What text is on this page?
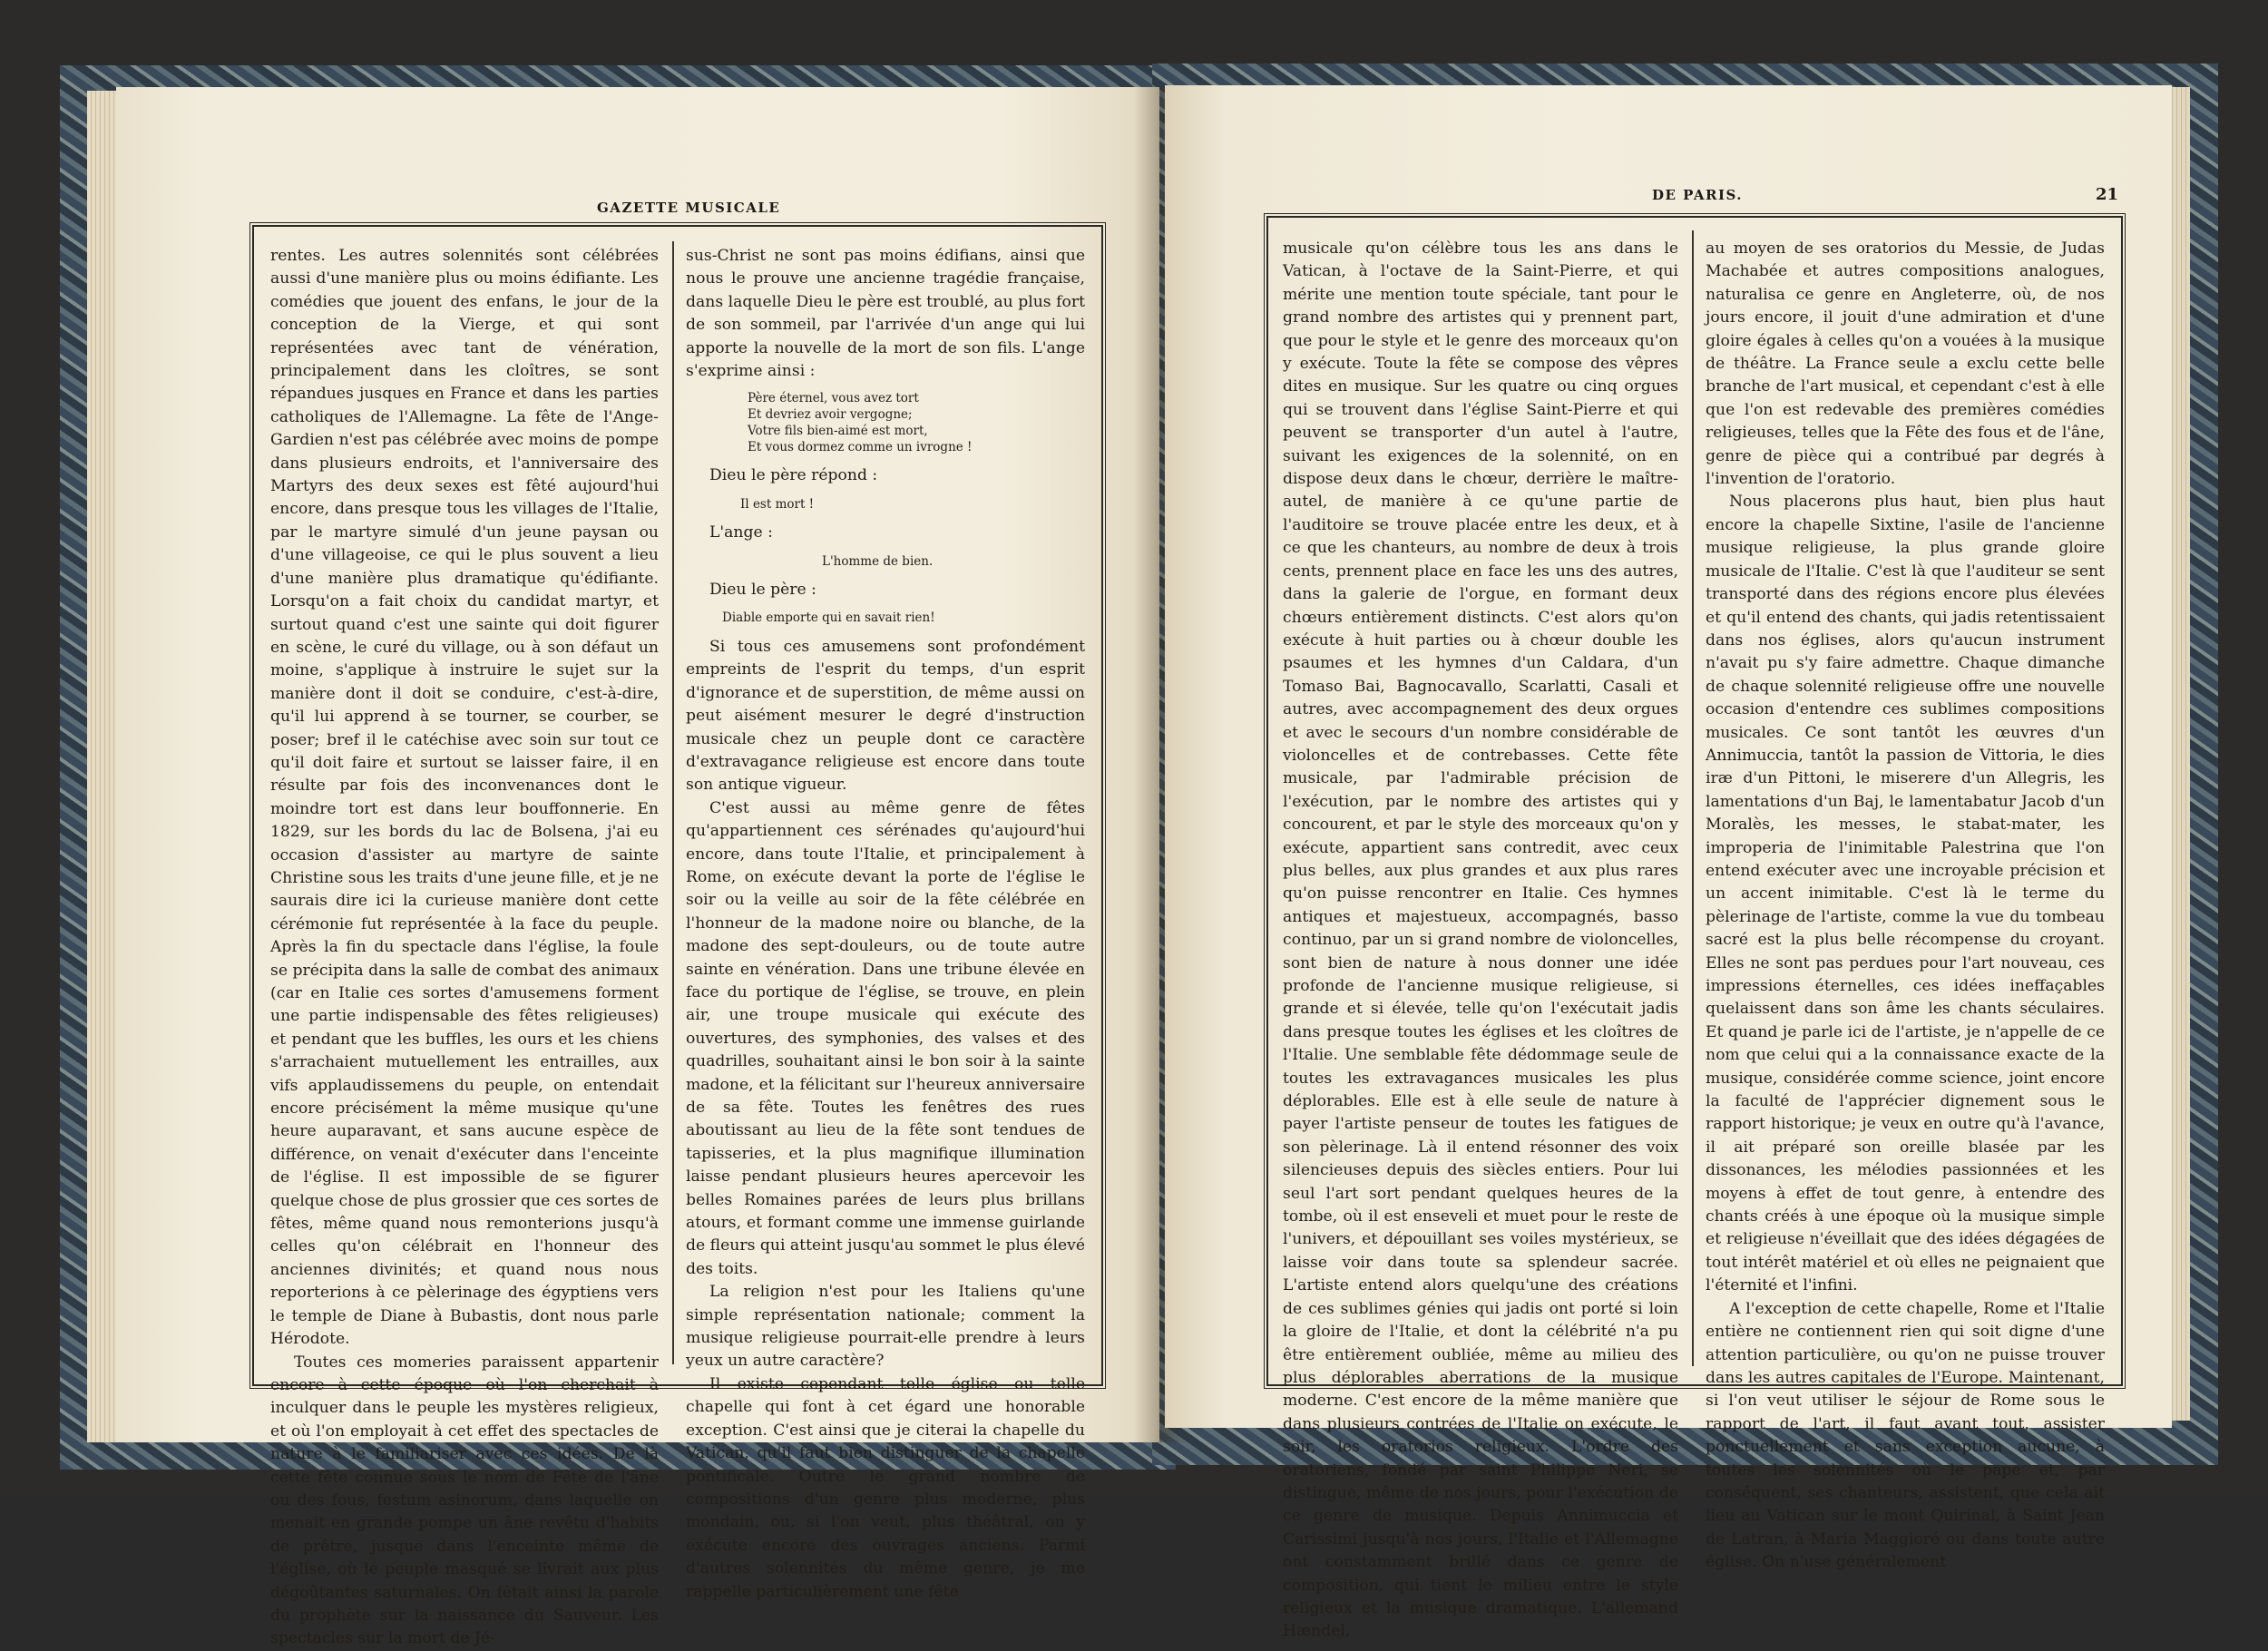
GAZETTE MUSICALE

rentes. Les autres solennités sont célébrées aussi d'une manière plus ou moins édifiante. Les comédies que jouent des enfans, le jour de la conception de la Vierge, et qui sont représentées avec tant de vénération, principalement dans les cloîtres, se sont répandues jusques en France et dans les parties catholiques de l'Allemagne. La fête de l'Ange-Gardien n'est pas célébrée avec moins de pompe dans plusieurs endroits, et l'anniversaire des Martyrs des deux sexes est fêté aujourd'hui encore, dans presque tous les villages de l'Italie, par le martyre simulé d'un jeune paysan ou d'une villageoise, ce qui le plus souvent a lieu d'une manière plus dramatique qu'édifiante. Lorsqu'on a fait choix du candidat martyr, et surtout quand c'est une sainte qui doit figurer en scène, le curé du village, ou à son défaut un moine, s'applique à instruire le sujet sur la manière dont il doit se conduire, c'est-à-dire, qu'il lui apprend à se tourner, se courber, se poser; bref il le catéchise avec soin sur tout ce qu'il doit faire et surtout se laisser faire, il en résulte par fois des inconvenances dont le moindre tort est dans leur bouffonnerie. En 1829, sur les bords du lac de Bolsena, j'ai eu occasion d'assister au martyre de sainte Christine sous les traits d'une jeune fille, et je ne saurais dire ici la curieuse manière dont cette cérémonie fut représentée à la face du peuple. Après la fin du spectacle dans l'église, la foule se précipita dans la salle de combat des animaux (car en Italie ces sortes d'amusemens forment une partie indispensable des fêtes religieuses) et pendant que les buffles, les ours et les chiens s'arrachaient mutuellement les entrailles, aux vifs applaudissemens du peuple, on entendait encore précisément la même musique qu'une heure auparavant, et sans aucune espèce de différence, on venait d'exécuter dans l'enceinte de l'église. Il est impossible de se figurer quelque chose de plus grossier que ces sortes de fêtes, même quand nous remonterions jusqu'à celles qu'on célébrait en l'honneur des anciennes divinités; et quand nous nous reporterions à ce pèlerinage des égyptiens vers le temple de Diane à Bubastis, dont nous parle Hérodote.

Toutes ces momeries paraissent appartenir encore à cette époque où l'on cherchait à inculquer dans le peuple les mystères religieux, et où l'on employait à cet effet des spectacles de nature à le familiariser avec ces idées. De là cette fête connue sous le nom de Fête de l'âne ou des fous, festum asinorum, dans laquelle on menait en grande pompe un âne revêtu d'habits de prêtre, jusque dans l'enceinte même de l'église, où le peuple masqué se livrait aux plus dégoûtantes saturnales. On fêtait ainsi la parole du prophète sur la naissance du Sauveur. Les spectacles sur la mort de Jé-

sus-Christ ne sont pas moins édifians, ainsi que nous le prouve une ancienne tragédie française, dans laquelle Dieu le père est troublé, au plus fort de son sommeil, par l'arrivée d'un ange qui lui apporte la nouvelle de la mort de son fils. L'ange s'exprime ainsi :

Père éternel, vous avez tort
Et devriez avoir vergogne;
Votre fils bien-aimé est mort,
Et vous dormez comme un ivrogne !
Dieu le père répond :
Il est mort !
L'ange :
L'homme de bien.
Dieu le père :
Diable emporte qui en savait rien!

Si tous ces amusemens sont profondément empreints de l'esprit du temps, d'un esprit d'ignorance et de superstition, de même aussi on peut aisément mesurer le degré d'instruction musicale chez un peuple dont ce caractère d'extravagance religieuse est encore dans toute son antique vigueur.

C'est aussi au même genre de fêtes qu'appartiennent ces sérénades qu'aujourd'hui encore, dans toute l'Italie, et principalement à Rome, on exécute devant la porte de l'église le soir ou la veille au soir de la fête célébrée en l'honneur de la madone noire ou blanche, de la madone des sept-douleurs, ou de toute autre sainte en vénération. Dans une tribune élevée en face du portique de l'église, se trouve, en plein air, une troupe musicale qui exécute des ouvertures, des symphonies, des valses et des quadrilles, souhaitant ainsi le bon soir à la sainte madone, et la félicitant sur l'heureux anniversaire de sa fête. Toutes les fenêtres des rues aboutissant au lieu de la fête sont tendues de tapisseries, et la plus magnifique illumination laisse pendant plusieurs heures apercevoir les belles Romaines parées de leurs plus brillans atours, et formant comme une immense guirlande de fleurs qui atteint jusqu'au sommet le plus élevé des toits.

La religion n'est pour les Italiens qu'une simple représentation nationale; comment la musique religieuse pourrait-elle prendre à leurs yeux un autre caractère?

Il existe cependant telle église ou telle chapelle qui font à cet égard une honorable exception. C'est ainsi que je citerai la chapelle du Vatican, qu'il faut bien distinguer de la chapelle pontificale. Outre le grand nombre de compositions d'un genre plus moderne, plus mondain, ou, si l'on veut, plus théâtral, on y exécute encore des ouvrages anciens. Parmi d'autres solennités du même genre, je me rappelle particulièrement une fête

DE PARIS.	21

musicale qu'on célèbre tous les ans dans le Vatican, à l'octave de la Saint-Pierre, et qui mérite une mention toute spéciale, tant pour le grand nombre des artistes qui y prennent part, que pour le style et le genre des morceaux qu'on y exécute. Toute la fête se compose des vêpres dites en musique. Sur les quatre ou cinq orgues qui se trouvent dans l'église Saint-Pierre et qui peuvent se transporter d'un autel à l'autre, suivant les exigences de la solennité, on en dispose deux dans le chœur, derrière le maître-autel, de manière à ce qu'une partie de l'auditoire se trouve placée entre les deux, et à ce que les chanteurs, au nombre de deux à trois cents, prennent place en face les uns des autres, dans la galerie de l'orgue, en formant deux chœurs entièrement distincts. C'est alors qu'on exécute à huit parties ou à chœur double les psaumes et les hymnes d'un Caldara, d'un Tomaso Bai, Bagnocavallo, Scarlatti, Casali et autres, avec accompagnement des deux orgues et avec le secours d'un nombre considérable de violoncelles et de contrebasses. Cette fête musicale, par l'admirable précision de l'exécution, par le nombre des artistes qui y concourent, et par le style des morceaux qu'on y exécute, appartient sans contredit, avec ceux plus belles, aux plus grandes et aux plus rares qu'on puisse rencontrer en Italie. Ces hymnes antiques et majestueux, accompagnés, basso continuo, par un si grand nombre de violoncelles, sont bien de nature à nous donner une idée profonde de l'ancienne musique religieuse, si grande et si élevée, telle qu'on l'exécutait jadis dans presque toutes les églises et les cloîtres de l'Italie. Une semblable fête dédommage seule de toutes les extravagances musicales les plus déplorables. Elle est à elle seule de nature à payer l'artiste penseur de toutes les fatigues de son pèlerinage. Là il entend résonner des voix silencieuses depuis des siècles entiers. Pour lui seul l'art sort pendant quelques heures de la tombe, où il est enseveli et muet pour le reste de l'univers, et dépouillant ses voiles mystérieux, se laisse voir dans toute sa splendeur sacrée. L'artiste entend alors quelqu'une des créations de ces sublimes génies qui jadis ont porté si loin la gloire de l'Italie, et dont la célébrité n'a pu être entièrement oubliée, même au milieu des plus déplorables aberrations de la musique moderne. C'est encore de la même manière que dans plusieurs contrées de l'Italie on exécute, le soir, les oratorios religieux. L'ordre des oratoriens, fondé par saint Philippe Neri, se distingue, même de nos jours, pour l'exécution de ce genre de musique. Depuis Annimuccia et Carissimi jusqu'à nos jours, l'Italie et l'Allemagne ont constamment brillé dans ce genre de composition, qui tient le milieu entre le style religieux et la musique dramatique. L'allemand Hændel,

au moyen de ses oratorios du Messie, de Judas Machabée et autres compositions analogues, naturalisa ce genre en Angleterre, où, de nos jours encore, il jouit d'une admiration et d'une gloire égales à celles qu'on a vouées à la musique de théâtre. La France seule a exclu cette belle branche de l'art musical, et cependant c'est à elle que l'on est redevable des premières comédies religieuses, telles que la Fête des fous et de l'âne, genre de pièce qui a contribué par degrés à l'invention de l'oratorio.

Nous placerons plus haut, bien plus haut encore la chapelle Sixtine, l'asile de l'ancienne musique religieuse, la plus grande gloire musicale de l'Italie. C'est là que l'auditeur se sent transporté dans des régions encore plus élevées et qu'il entend des chants, qui jadis retentissaient dans nos églises, alors qu'aucun instrument n'avait pu s'y faire admettre. Chaque dimanche de chaque solennité religieuse offre une nouvelle occasion d'entendre ces sublimes compositions musicales. Ce sont tantôt les œuvres d'un Annimuccia, tantôt la passion de Vittoria, le dies iræ d'un Pittoni, le miserere d'un Allegris, les lamentations d'un Baj, le lamentabatur Jacob d'un Moralès, les messes, le stabat-mater, les improperia de l'inimitable Palestrina que l'on entend exécuter avec une incroyable précision et un accent inimitable. C'est là le terme du pèlerinage de l'artiste, comme la vue du tombeau sacré est la plus belle récompense du croyant. Elles ne sont pas perdues pour l'art nouveau, ces impressions éternelles, ces idées ineffaçables quelaissent dans son âme les chants séculaires. Et quand je parle ici de l'artiste, je n'appelle de ce nom que celui qui a la connaissance exacte de la musique, considérée comme science, joint encore la faculté de l'apprécier dignement sous le rapport historique; je veux en outre qu'à l'avance, il ait préparé son oreille blasée par les dissonances, les mélodies passionnées et les moyens à effet de tout genre, à entendre des chants créés à une époque où la musique simple et religieuse n'éveillait que des idées dégagées de tout intérêt matériel et où elles ne peignaient que l'éternité et l'infini.

A l'exception de cette chapelle, Rome et l'Italie entière ne contiennent rien qui soit digne d'une attention particulière, ou qu'on ne puisse trouver dans les autres capitales de l'Europe. Maintenant, si l'on veut utiliser le séjour de Rome sous le rapport de l'art, il faut avant tout, assister ponctuellement et sans exception aucune, à toutes les solennités où le pape et, par conséquent, ses chanteurs, assistent, que cela ait lieu au Vatican sur le mont Quirinal, à Saint Jean de Latran, à Maria Maggioré ou dans toute autre église. On n'use généralement
